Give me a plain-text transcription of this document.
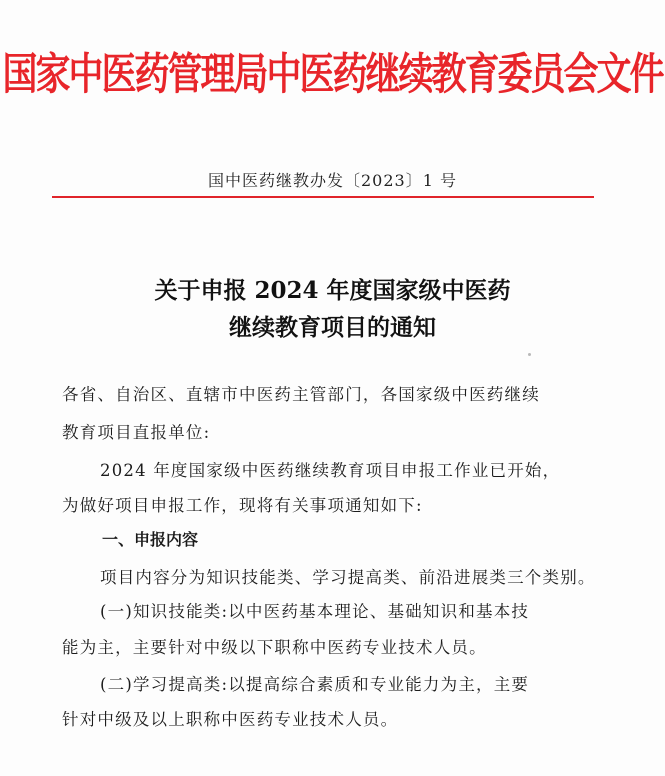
国家中医药管理局中医药继续教育委员会文件
国中医药继教办发〔2023〕1 号
关于申报 2024 年度国家级中医药
继续教育项目的通知
各省、自治区、直辖市中医药主管部门，各国家级中医药继续
教育项目直报单位:
2024 年度国家级中医药继续教育项目申报工作业已开始，
为做好项目申报工作，现将有关事项通知如下:
一、申报内容
项目内容分为知识技能类、学习提高类、前沿进展类三个类别。
(一)知识技能类:以中医药基本理论、基础知识和基本技
能为主，主要针对中级以下职称中医药专业技术人员。
(二)学习提高类:以提高综合素质和专业能力为主，主要
针对中级及以上职称中医药专业技术人员。
